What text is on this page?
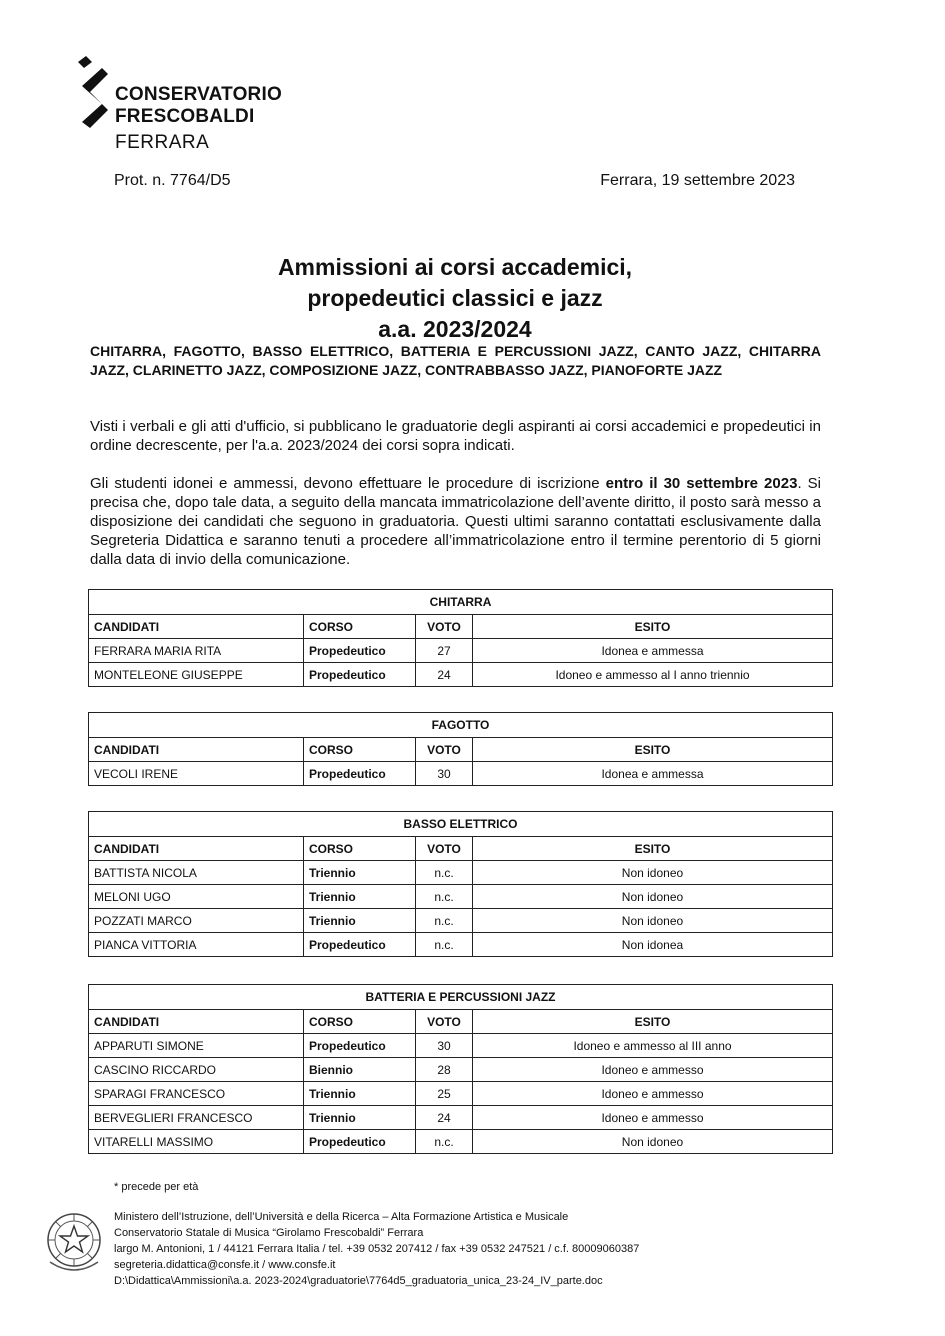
CONSERVATORIO
FRESCOBALDI
FERRARA
Prot. n. 7764/D5	Ferrara, 19 settembre 2023
Ammissioni ai corsi accademici,
propedeutici classici e jazz
a.a. 2023/2024
CHITARRA, FAGOTTO, BASSO ELETTRICO, BATTERIA E PERCUSSIONI JAZZ, CANTO JAZZ, CHITARRA JAZZ, CLARINETTO JAZZ, COMPOSIZIONE JAZZ, CONTRABBASSO JAZZ, PIANOFORTE JAZZ
Visti i verbali e gli atti d'ufficio, si pubblicano le graduatorie degli aspiranti ai corsi accademici e propedeutici in ordine decrescente, per l'a.a. 2023/2024 dei corsi sopra indicati.
Gli studenti idonei e ammessi, devono effettuare le procedure di iscrizione entro il 30 settembre 2023. Si precisa che, dopo tale data, a seguito della mancata immatricolazione dell’avente diritto, il posto sarà messo a disposizione dei candidati che seguono in graduatoria. Questi ultimi saranno contattati esclusivamente dalla Segreteria Didattica e saranno tenuti a procedere all’immatricolazione entro il termine perentorio di 5 giorni dalla data di invio della comunicazione.
CHITARRA			
CANDIDATI	CORSO	VOTO	ESITO
FERRARA MARIA RITA	Propedeutico	27	Idonea e ammessa
MONTELEONE GIUSEPPE	Propedeutico	24	Idoneo e ammesso al I anno triennio
FAGOTTO			
CANDIDATI	CORSO	VOTO	ESITO
VECOLI IRENE	Propedeutico	30	Idonea e ammessa
BASSO ELETTRICO			
CANDIDATI	CORSO	VOTO	ESITO
BATTISTA NICOLA	Triennio	n.c.	Non idoneo
MELONI UGO	Triennio	n.c.	Non idoneo
POZZATI MARCO	Triennio	n.c.	Non idoneo
PIANCA VITTORIA	Propedeutico	n.c.	Non idonea
BATTERIA E PERCUSSIONI JAZZ			
CANDIDATI	CORSO	VOTO	ESITO
APPARUTI SIMONE	Propedeutico	30	Idoneo e ammesso al III anno
CASCINO RICCARDO	Biennio	28	Idoneo e ammesso
SPARAGI FRANCESCO	Triennio	25	Idoneo e ammesso
BERVEGLIERI FRANCESCO	Triennio	24	Idoneo e ammesso
VITARELLI MASSIMO	Propedeutico	n.c.	Non idoneo
* precede per età
Ministero dell’Istruzione, dell’Università e della Ricerca – Alta Formazione Artistica e Musicale
Conservatorio Statale di Musica “Girolamo Frescobaldi” Ferrara
largo M. Antonioni, 1 / 44121 Ferrara Italia / tel. +39 0532 207412 / fax +39 0532 247521 / c.f. 80009060387
segreteria.didattica@consfe.it / www.consfe.it
D:\Didattica\Ammissioni\a.a. 2023-2024\graduatorie\7764d5_graduatoria_unica_23-24_IV_parte.doc
